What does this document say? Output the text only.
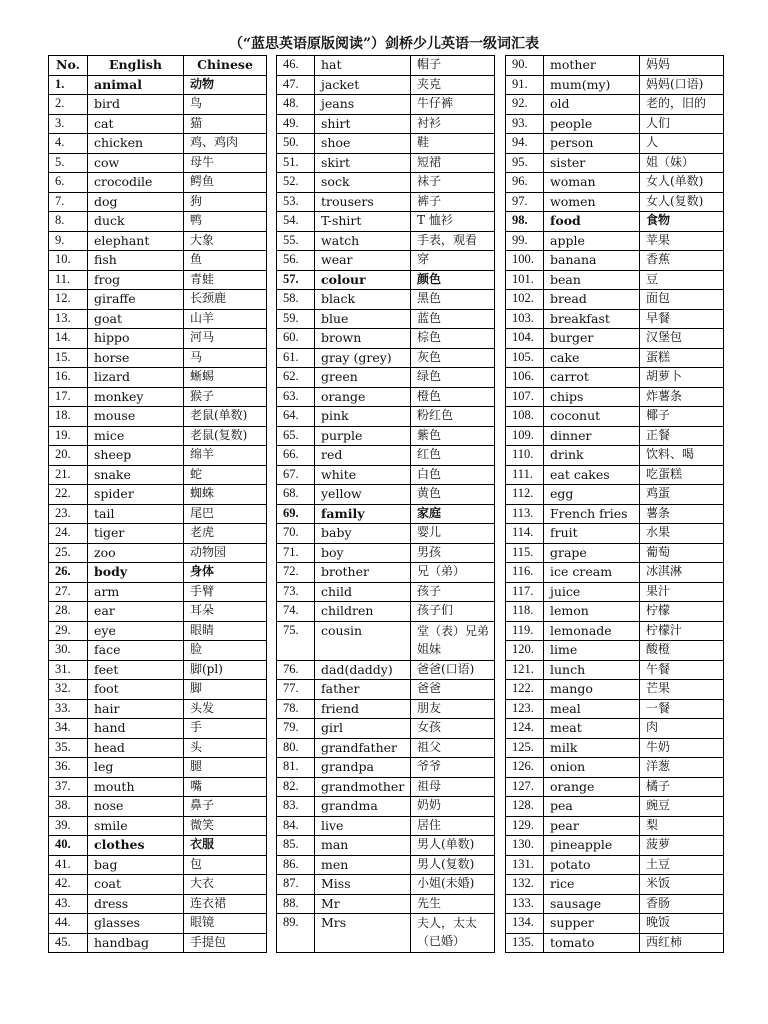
（“蓝思英语原版阅读”）剑桥少儿英语一级词汇表
No.	English	Chinese
1.	animal	动物
2.	bird	鸟
3.	cat	猫
4.	chicken	鸡、鸡肉
5.	cow	母牛
6.	crocodile	鳄鱼
7.	dog	狗
8.	duck	鸭
9.	elephant	大象
10.	fish	鱼
11.	frog	青蛙
12.	giraffe	长颈鹿
13.	goat	山羊
14.	hippo	河马
15.	horse	马
16.	lizard	蜥蜴
17.	monkey	猴子
18.	mouse	老鼠(单数)
19.	mice	老鼠(复数)
20.	sheep	绵羊
21.	snake	蛇
22.	spider	蜘蛛
23.	tail	尾巴
24.	tiger	老虎
25.	zoo	动物园
26.	body	身体
27.	arm	手臂
28.	ear	耳朵
29.	eye	眼睛
30.	face	脸
31.	feet	脚(pl)
32.	foot	脚
33.	hair	头发
34.	hand	手
35.	head	头
36.	leg	腿
37.	mouth	嘴
38.	nose	鼻子
39.	smile	微笑
40.	clothes	衣服
41.	bag	包
42.	coat	大衣
43.	dress	连衣裙
44.	glasses	眼镜
45.	handbag	手提包
46.	hat	帽子
47.	jacket	夹克
48.	jeans	牛仔裤
49.	shirt	衬衫
50.	shoe	鞋
51.	skirt	短裙
52.	sock	袜子
53.	trousers	裤子
54.	T-shirt	T 恤衫
55.	watch	手表，观看
56.	wear	穿
57.	colour	颜色
58.	black	黑色
59.	blue	蓝色
60.	brown	棕色
61.	gray (grey)	灰色
62.	green	绿色
63.	orange	橙色
64.	pink	粉红色
65.	purple	紫色
66.	red	红色
67.	white	白色
68.	yellow	黄色
69.	family	家庭
70.	baby	婴儿
71.	boy	男孩
72.	brother	兄（弟）
73.	child	孩子
74.	children	孩子们
75.	cousin	堂（表）兄弟姐妹
76.	dad(daddy)	爸爸(口语)
77.	father	爸爸
78.	friend	朋友
79.	girl	女孩
80.	grandfather	祖父
81.	grandpa	爷爷
82.	grandmother	祖母
83.	grandma	奶奶
84.	live	居住
85.	man	男人(单数)
86.	men	男人(复数)
87.	Miss	小姐(未婚)
88.	Mr	先生
89.	Mrs	夫人，太太（已婚）
90.	mother	妈妈
91.	mum(my)	妈妈(口语)
92.	old	老的，旧的
93.	people	人们
94.	person	人
95.	sister	姐（妹）
96.	woman	女人(单数)
97.	women	女人(复数)
98.	food	食物
99.	apple	苹果
100.	banana	香蕉
101.	bean	豆
102.	bread	面包
103.	breakfast	早餐
104.	burger	汉堡包
105.	cake	蛋糕
106.	carrot	胡萝卜
107.	chips	炸薯条
108.	coconut	椰子
109.	dinner	正餐
110.	drink	饮料、喝
111.	eat cakes	吃蛋糕
112.	egg	鸡蛋
113.	French fries	薯条
114.	fruit	水果
115.	grape	葡萄
116.	ice cream	冰淇淋
117.	juice	果汁
118.	lemon	柠檬
119.	lemonade	柠檬汁
120.	lime	酸橙
121.	lunch	午餐
122.	mango	芒果
123.	meal	一餐
124.	meat	肉
125.	milk	牛奶
126.	onion	洋葱
127.	orange	橘子
128.	pea	豌豆
129.	pear	梨
130.	pineapple	菠萝
131.	potato	土豆
132.	rice	米饭
133.	sausage	香肠
134.	supper	晚饭
135.	tomato	西红柿
